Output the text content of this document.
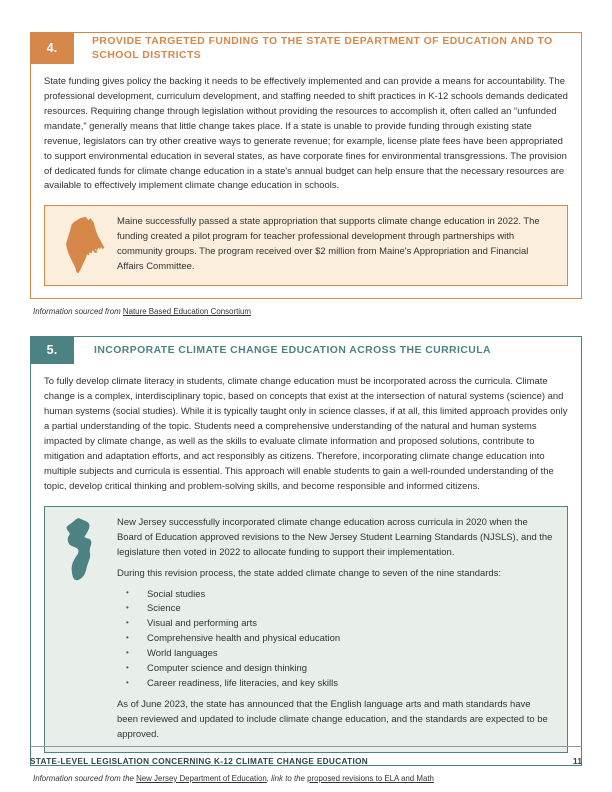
4.	PROVIDE TARGETED FUNDING TO THE STATE DEPARTMENT OF EDUCATION AND TO SCHOOL DISTRICTS

State funding gives policy the backing it needs to be effectively implemented and can provide a means for accountability. The professional development, curriculum development, and staffing needed to shift practices in K-12 schools demands dedicated resources. Requiring change through legislation without providing the resources to accomplish it, often called an “unfunded mandate,” generally means that little change takes place. If a state is unable to provide funding through existing state revenue, legislators can try other creative ways to generate revenue; for example, license plate fees have been appropriated to support environmental education in several states, as have corporate fines for environmental transgressions. The provision of dedicated funds for climate change education in a state's annual budget can help ensure that the necessary resources are available to effectively implement climate change education in schools.

Maine successfully passed a state appropriation that supports climate change education in 2022. The funding created a pilot program for teacher professional development through partnerships with community groups. The program received over $2 million from Maine's Appropriation and Financial Affairs Committee.

Information sourced from Nature Based Education Consortium
5.	INCORPORATE CLIMATE CHANGE EDUCATION ACROSS THE CURRICULA

To fully develop climate literacy in students, climate change education must be incorporated across the curricula. Climate change is a complex, interdisciplinary topic, based on concepts that exist at the intersection of natural systems (science) and human systems (social studies). While it is typically taught only in science classes, if at all, this limited approach provides only a partial understanding of the topic. Students need a comprehensive understanding of the natural and human systems impacted by climate change, as well as the skills to evaluate climate information and proposed solutions, contribute to mitigation and adaptation efforts, and act responsibly as citizens. Therefore, incorporating climate change education into multiple subjects and curricula is essential. This approach will enable students to gain a well-rounded understanding of the topic, develop critical thinking and problem-solving skills, and become responsible and informed citizens.

New Jersey successfully incorporated climate change education across curricula in 2020 when the Board of Education approved revisions to the New Jersey Student Learning Standards (NJSLS), and the legislature then voted in 2022 to allocate funding to support their implementation.

During this revision process, the state added climate change to seven of the nine standards:

• Social studies
• Science
• Visual and performing arts
• Comprehensive health and physical education
• World languages
• Computer science and design thinking
• Career readiness, life literacies, and key skills

As of June 2023, the state has announced that the English language arts and math standards have been reviewed and updated to include climate change education, and the standards are expected to be approved.

Information sourced from the New Jersey Department of Education, link to the proposed revisions to ELA and Math
STATE-LEVEL LEGISLATION CONCERNING K-12 CLIMATE CHANGE EDUCATION	11
